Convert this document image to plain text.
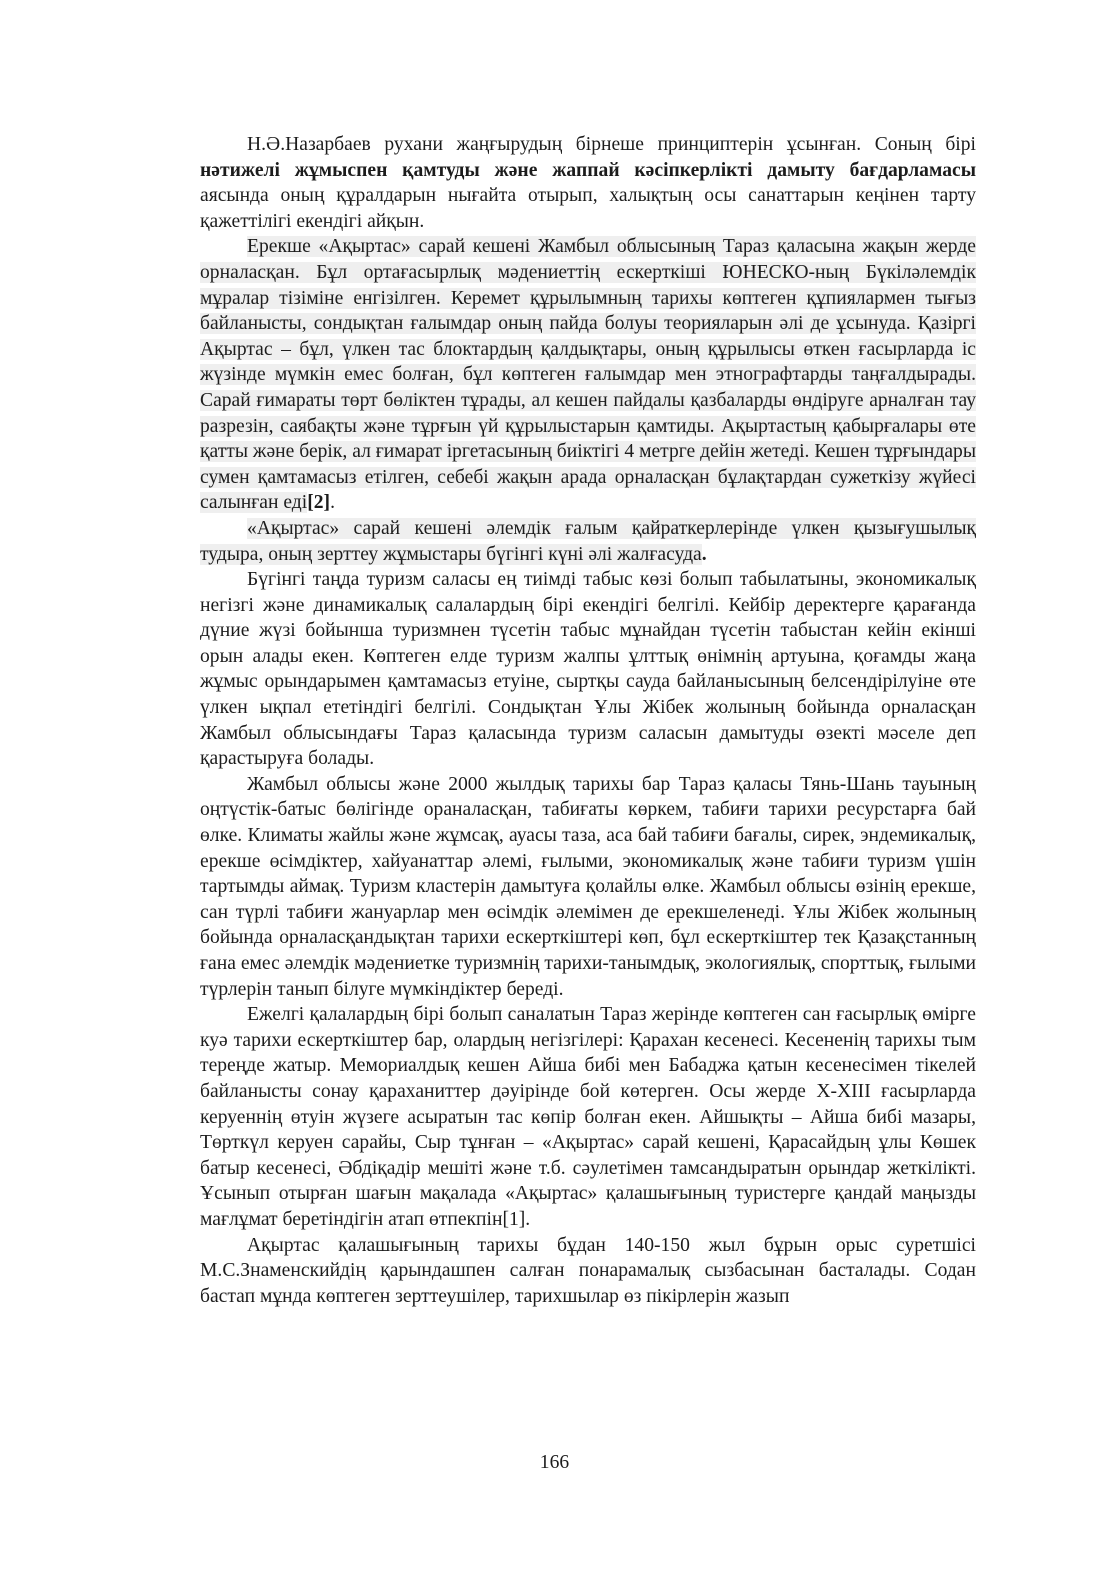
Н.Ә.Назарбаев рухани жаңғырудың бірнеше принциптерін ұсынған. Соның бірі нәтижелі жұмыспен қамтуды және жаппай кәсіпкерлікті дамыту бағдарламасы аясында оның құралдарын нығайта отырып, халықтың осы санаттарын кеңінен тарту қажеттілігі екендігі айқын.

Ерекше «Ақыртас» сарай кешені Жамбыл облысының Тараз қаласына жақын жерде орналасқан. Бұл ортағасырлық мәдениеттің ескерткіші ЮНЕСКО-ның Бүкіләлемдік мұралар тізіміне енгізілген. Керемет құрылымның тарихы көптеген құпиялармен тығыз байланысты, сондықтан ғалымдар оның пайда болуы теорияларын әлі де ұсынуда. Қазіргі Ақыртас – бұл, үлкен тас блоктардың қалдықтары, оның құрылысы өткен ғасырларда іс жүзінде мүмкін емес болған, бұл көптеген ғалымдар мен этнографтарды таңғалдырады. Сарай ғимараты төрт бөліктен тұрады, ал кешен пайдалы қазбаларды өндіруге арналған тау разрезін, саябақты және тұрғын үй құрылыстарын қамтиды. Ақыртастың қабырғалары өте қатты және берік, ал ғимарат іргетасының биіктігі 4 метрге дейін жетеді. Кешен тұрғындары сумен қамтамасыз етілген, себебі жақын арада орналасқан бұлақтардан сужеткізу жүйесі салынған еді[2].

«Ақыртас» сарай кешені әлемдік ғалым қайраткерлерінде үлкен қызығушылық тудыра, оның зерттеу жұмыстары бүгінгі күні әлі жалғасуда.

Бүгінгі таңда туризм саласы ең тиімді табыс көзі болып табылатыны, экономикалық негізгі және динамикалық салалардың бірі екендігі белгілі. Кейбір деректерге қарағанда дүние жүзі бойынша туризмнен түсетін табыс мұнайдан түсетін табыстан кейін екінші орын алады екен. Көптеген елде туризм жалпы ұлттық өнімнің артуына, қоғамды жаңа жұмыс орындарымен қамтамасыз етуіне, сыртқы сауда байланысының белсендірілуіне өте үлкен ықпал ететіндігі белгілі. Сондықтан Ұлы Жібек жолының бойында орналасқан Жамбыл облысындағы Тараз қаласында туризм саласын дамытуды өзекті мәселе деп қарастыруға болады.

Жамбыл облысы және 2000 жылдық тарихы бар Тараз қаласы Тянь-Шань тауының оңтүстік-батыс бөлігінде ораналасқан, табиғаты көркем, табиғи тарихи ресурстарға бай өлке. Климаты жайлы және жұмсақ, ауасы таза, аса бай табиғи бағалы, сирек, эндемикалық, ерекше өсімдіктер, хайуанаттар әлемі, ғылыми, экономикалық және табиғи туризм үшін тартымды аймақ. Туризм кластерін дамытуға қолайлы өлке. Жамбыл облысы өзінің ерекше, сан түрлі табиғи жануарлар мен өсімдік әлемімен де ерекшеленеді. Ұлы Жібек жолының бойында орналасқандықтан тарихи ескерткіштері көп, бұл ескерткіштер тек Қазақстанның ғана емес әлемдік мәдениетке туризмнің тарихи-танымдық, экологиялық, спорттық, ғылыми түрлерін танып білуге мүмкіндіктер береді.

Ежелгі қалалардың бірі болып саналатын Тараз жерінде көптеген сан ғасырлық өмірге куә тарихи ескерткіштер бар, олардың негізгілері: Қарахан кесенесі. Кесененің тарихы тым тереңде жатыр. Мемориалдық кешен Айша бибі мен Бабаджа қатын кесенесімен тікелей байланысты сонау қараханиттер дәуірінде бой көтерген. Осы жерде X-XIII ғасырларда керуеннің өтуін жүзеге асыратын тас көпір болған екен. Айшықты – Айша бибі мазары, Төрткүл керуен сарайы, Сыр тұнған – «Ақыртас» сарай кешені, Қарасайдың ұлы Көшек батыр кесенесі, Әбдіқадір мешіті және т.б. сәулетімен тамсандыратын орындар жеткілікті. Ұсынып отырған шағын мақалада «Ақыртас» қалашығының туристерге қандай маңызды мағлұмат беретіндігін атап өтпекпін[1].

Ақыртас қалашығының тарихы бұдан 140-150 жыл бұрын орыс суретшісі М.С.Знаменскийдің қарындашпен салған понарамалық сызбасынан басталады. Содан бастап мұнда көптеген зерттеушілер, тарихшылар өз пікірлерін жазып

166
